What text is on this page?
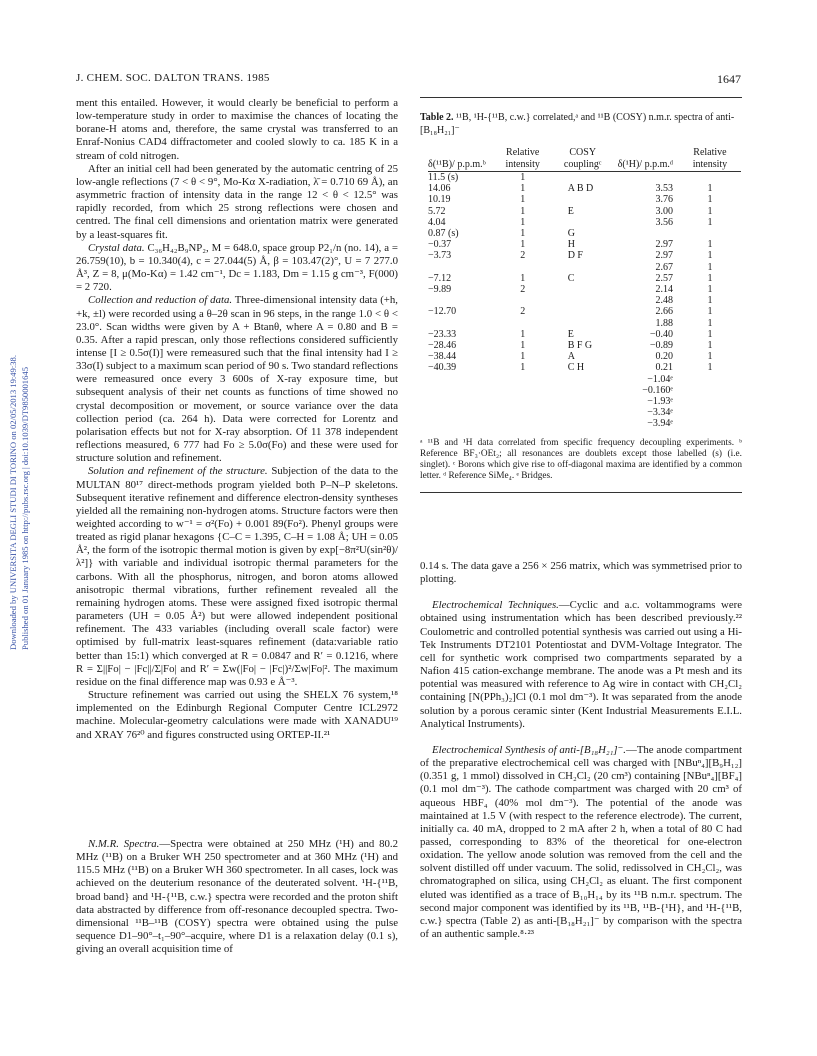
Downloaded by UNIVERSITA DEGLI STUDI DI TORINO on 02/05/2013 19:49:38. Published on 01 January 1985 on http://pubs.rsc.org | doi:10.1039/DT9850001645
J. CHEM. SOC. DALTON TRANS. 1985	1647

ment this entailed. However, it would clearly be beneficial to perform a low-temperature study in order to maximise the chances of locating the borane-H atoms and, therefore, the same crystal was transferred to an Enraf-Nonius CAD4 diffractometer and cooled slowly to ca. 185 K in a stream of cold nitrogen.

After an initial cell had been generated by the automatic centring of 25 low-angle reflections (7 < θ < 9°, Mo-Kα X-radiation, λ̄ = 0.710 69 Å), an asymmetric fraction of intensity data in the range 12 < θ < 12.5° was rapidly recorded, from which 25 strong reflections were chosen and centred. The final cell dimensions and orientation matrix were generated by a least-squares fit.

Crystal data. C₃₆H₄₂B₉NP₂, M = 648.0, space group P2₁/n (no. 14), a = 26.759(10), b = 10.340(4), c = 27.044(5) Å, β = 103.47(2)°, U = 7 277.0 Å³, Z = 8, μ(Mo-Kα) = 1.42 cm⁻¹, Dc = 1.183, Dm = 1.15 g cm⁻³, F(000) = 2 720.

Collection and reduction of data. Three-dimensional intensity data (+h, +k, ±l) were recorded using a θ–2θ scan in 96 steps, in the range 1.0 < θ < 23.0°. Scan widths were given by A + Btanθ, where A = 0.80 and B = 0.35. After a rapid prescan, only those reflections considered sufficiently intense [I ≥ 0.5σ(I)] were remeasured such that the final intensity had I ≥ 33σ(I) subject to a maximum scan period of 90 s. Two standard reflections were remeasured once every 3 600s of X-ray exposure time, but subsequent analysis of their net counts as functions of time showed no crystal decomposition or movement, or source variance over the data collection period (ca. 264 h). Data were corrected for Lorentz and polarisation effects but not for X-ray absorption. Of 11 378 independent reflections measured, 6 777 had Fo ≥ 5.0σ(Fo) and these were used for structure solution and refinement.

Solution and refinement of the structure. Subjection of the data to the MULTAN 80¹⁷ direct-methods program yielded both P–N–P skeletons. Subsequent iterative refinement and difference electron-density syntheses yielded all the remaining non-hydrogen atoms. Structure factors were then weighted according to w⁻¹ = σ²(Fo) + 0.001 89(Fo²). Phenyl groups were treated as rigid planar hexagons {C–C = 1.395, C–H = 1.08 Å; UH = 0.05 Å², the form of the isotropic thermal motion is given by exp[−8π²U(sin²θ)/λ²]} with variable and individual isotropic thermal parameters for the carbons. With all the phosphorus, nitrogen, and boron atoms allowed anisotropic thermal vibrations, further refinement revealed all the remaining hydrogen atoms. These were assigned fixed isotropic thermal parameters (UH = 0.05 Å²) but were allowed independent positional refinement. The 433 variables (including overall scale factor) were optimised by full-matrix least-squares refinement (data:variable ratio better than 15:1) which converged at R = 0.0847 and R′ = 0.1216, where R = Σ||Fo| − |Fc||/Σ|Fo| and R′ = Σw(|Fo| − |Fc|)²/Σw|Fo|². The maximum residue on the final difference map was 0.93 e Å⁻³.

Structure refinement was carried out using the SHELX 76 system,¹⁸ implemented on the Edinburgh Regional Computer Centre ICL2972 machine. Molecular-geometry calculations were made with XANADU¹⁹ and XRAY 76²⁰ and figures constructed using ORTEP-II.²¹

N.M.R. Spectra.—Spectra were obtained at 250 MHz (¹H) and 80.2 MHz (¹¹B) on a Bruker WH 250 spectrometer and at 360 MHz (¹H) and 115.5 MHz (¹¹B) on a Bruker WH 360 spectrometer. In all cases, lock was achieved on the deuterium resonance of the deuterated solvent. ¹H-{¹¹B, broad band} and ¹H-{¹¹B, c.w.} spectra were recorded and the proton shift data abstracted by difference from off-resonance decoupled spectra. Two-dimensional ¹¹B–¹¹B (COSY) spectra were obtained using the pulse sequence D1–90°–t₁–90°–acquire, where D1 is a relaxation delay (0.1 s), giving an overall acquisition time of

Table 2. ¹¹B, ¹H-{¹¹B, c.w.} correlated,ᵃ and ¹¹B (COSY) n.m.r. spectra of anti-[B₁₈H₂₁]⁻
δ(¹¹B)/ p.p.m.ᵇ	Relative intensity	COSY couplingᶜ	δ(¹H)/ p.p.m.ᵈ	Relative intensity

11.5 (s)	1			
14.06	1	A B D	3.53	1
10.19	1		3.76	1
5.72	1	E	3.00	1
4.04	1		3.56	1
0.87 (s)	1	G		
−0.37	1	H	2.97	1
−3.73	2	D F	2.97	1
			2.67	1
−7.12	1	C	2.57	1
−9.89	2		2.14	1
			2.48	1
−12.70	2		2.66	1
			1.88	1
−23.33	1	E	−0.40	1
−28.46	1	B F G	−0.89	1
−38.44	1	A	0.20	1
−40.39	1	C H	0.21	1
			−1.04ᵉ	
			−0.160ᵉ	
			−1.93ᵉ	
			−3.34ᵉ	
			−3.94ᵉ	
ᵃ ¹¹B and ¹H data correlated from specific frequency decoupling experiments. ᵇ Reference BF₃·OEt₂; all resonances are doublets except those labelled (s) (i.e. singlet). ᶜ Borons which give rise to off-diagonal maxima are identified by a common letter. ᵈ Reference SiMe₄. ᵉ Bridges.

0.14 s. The data gave a 256 × 256 matrix, which was symmetrised prior to plotting.

Electrochemical Techniques.—Cyclic and a.c. voltammograms were obtained using instrumentation which has been described previously.²² Coulometric and controlled potential synthesis was carried out using a Hi-Tek Instruments DT2101 Potentiostat and DVM-Voltage Integrator. The cell for synthetic work comprised two compartments separated by a Nafion 415 cation-exchange membrane. The anode was a Pt mesh and its potential was measured with reference to Ag wire in contact with CH₂Cl₂ containing [N(PPh₃)₂]Cl (0.1 mol dm⁻³). It was separated from the anode solution by a porous ceramic sinter (Kent Industrial Measurements E.I.L. Analytical Instruments).

Electrochemical Synthesis of anti-[B₁₈H₂₁]⁻.—The anode compartment of the preparative electrochemical cell was charged with [NBuⁿ₄][B₉H₁₂] (0.351 g, 1 mmol) dissolved in CH₂Cl₂ (20 cm³) containing [NBuⁿ₄][BF₄] (0.1 mol dm⁻³). The cathode compartment was charged with 20 cm³ of aqueous HBF₄ (40% mol dm⁻³). The potential of the anode was maintained at 1.5 V (with respect to the reference electrode). The current, initially ca. 40 mA, dropped to 2 mA after 2 h, when a total of 80 C had passed, corresponding to 83% of the theoretical for one-electron oxidation. The yellow anode solution was removed from the cell and the solvent distilled off under vacuum. The solid, redissolved in CH₂Cl₂, was chromatographed on silica, using CH₂Cl₂ as eluant. The first component eluted was identified as a trace of B₁₀H₁₄ by its ¹¹B n.m.r. spectrum. The second major component was identified by its ¹¹B, ¹¹B-{¹H}, and ¹H-{¹¹B, c.w.} spectra (Table 2) as anti-[B₁₈H₂₁]⁻ by comparison with the spectra of an authentic sample.⁸·²³
